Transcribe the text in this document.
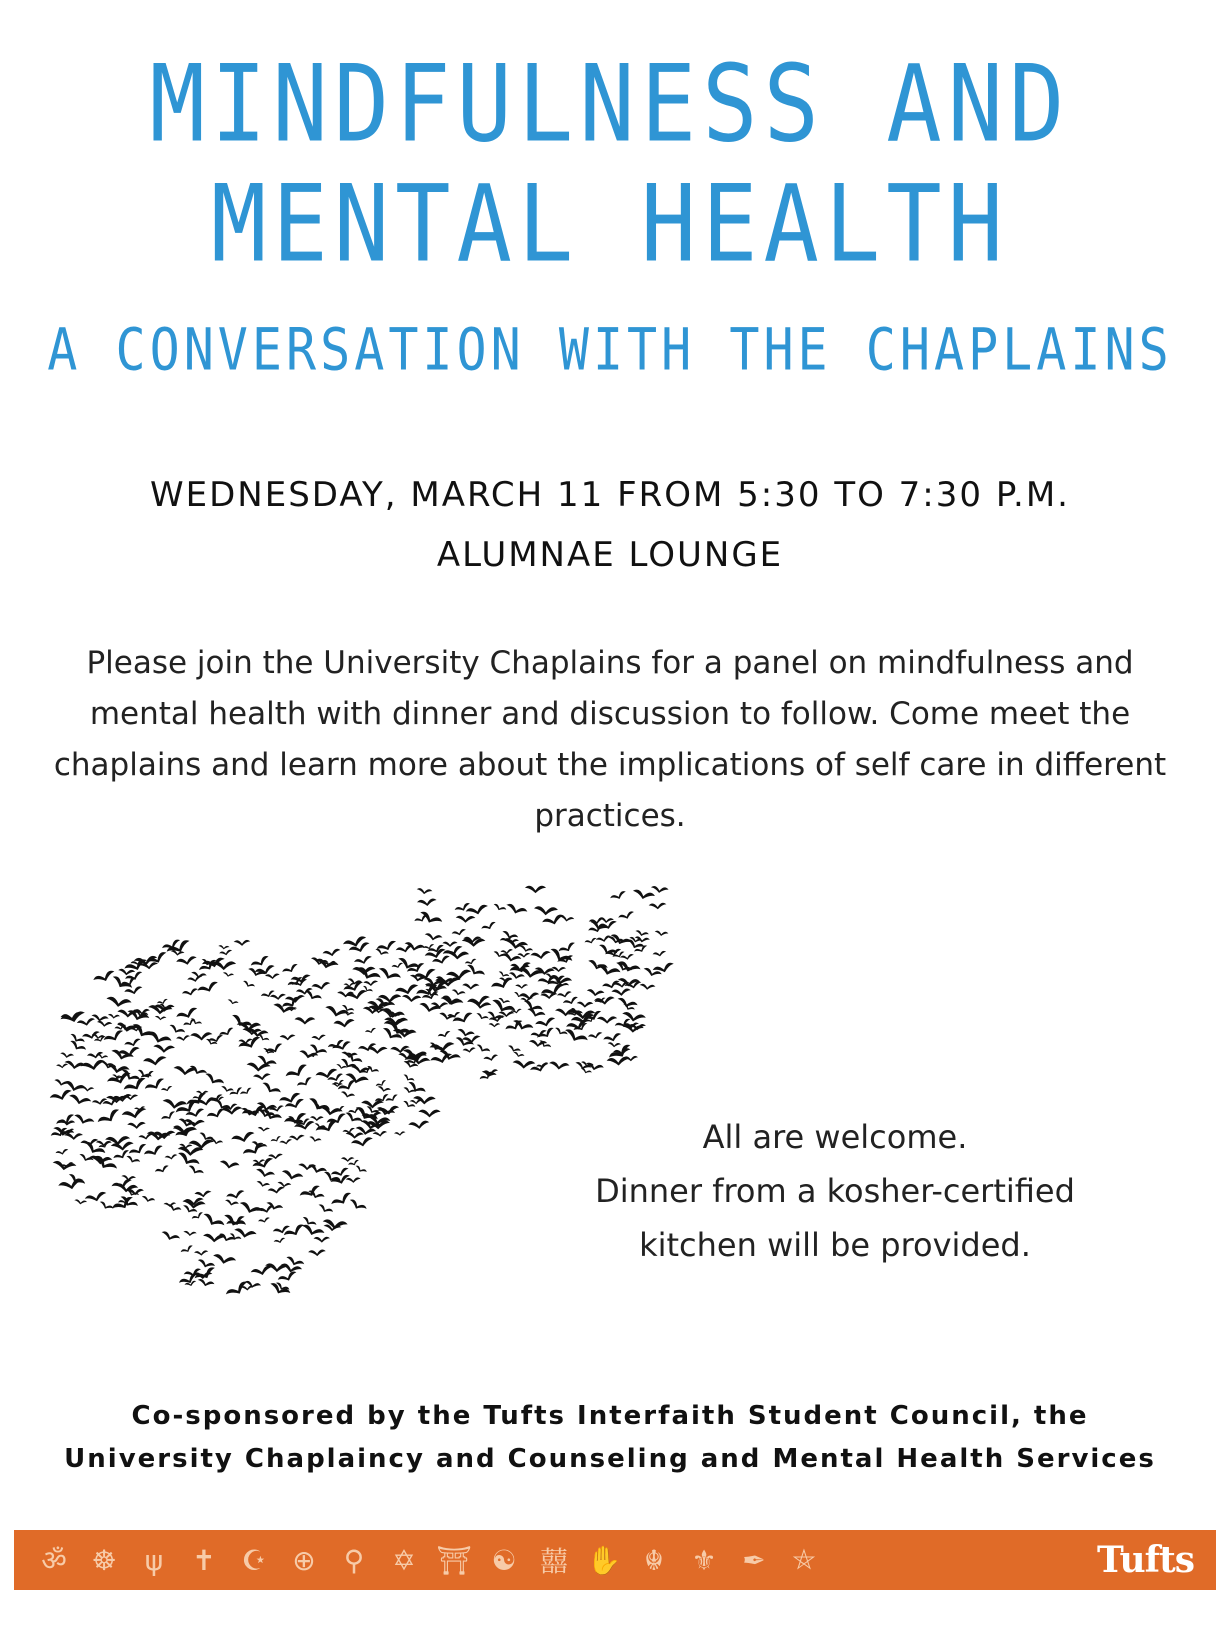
MINDFULNESS AND
MENTAL HEALTH
A CONVERSATION WITH THE CHAPLAINS
WEDNESDAY, MARCH 11 FROM 5:30 TO 7:30 P.M.
ALUMNAE LOUNGE

Please join the University Chaplains for a panel on mindfulness and mental health with dinner and discussion to follow. Come meet the chaplains and learn more about the implications of self care in different practices.

All are welcome.
Dinner from a kosher-certified
kitchen will be provided.
Co-sponsored by the Tufts Interfaith Student Council, the
University Chaplaincy and Counseling and Mental Health Services
ॐ ☸	ψ	✝ ☪ ⊕	⚲	✡ ⛩ ☯ 囍 ✋ ☬ ⚜ ✒ ⛤	Tufts
